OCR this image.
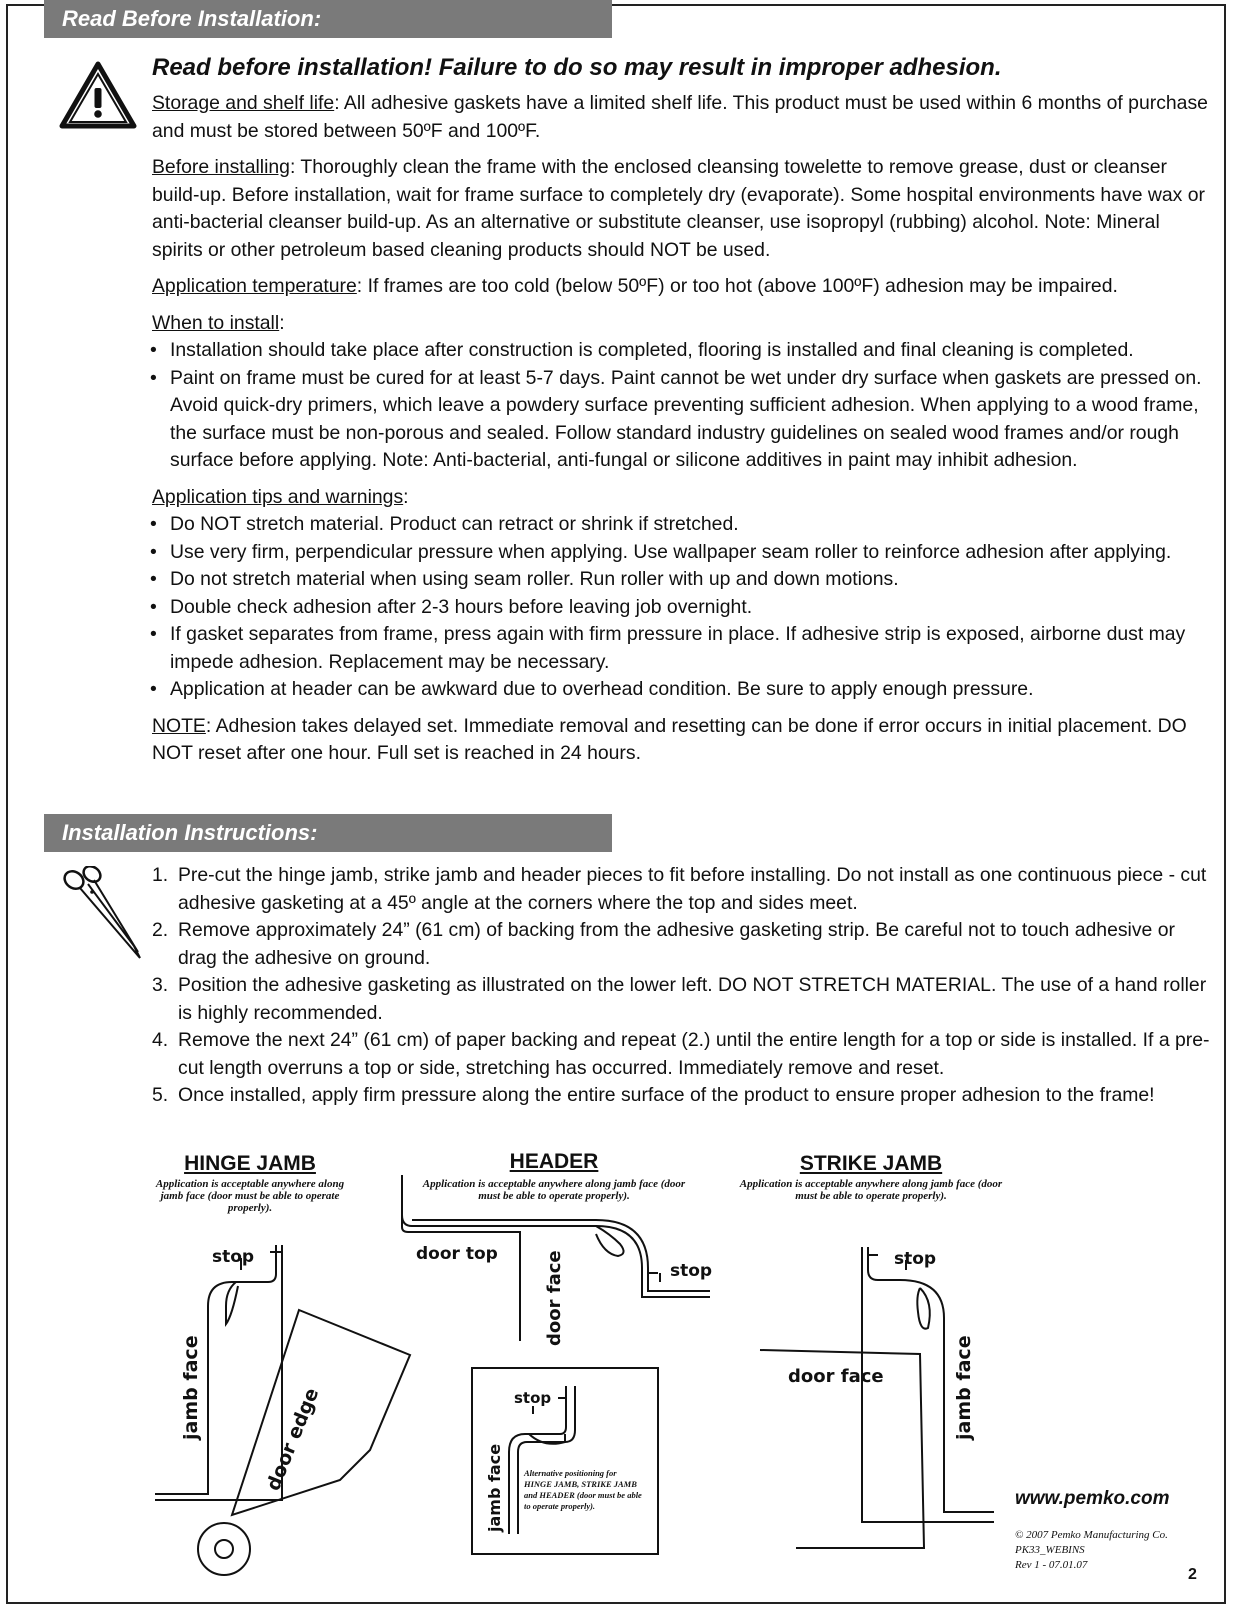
Read Before Installation:
Read before installation! Failure to do so may result in improper adhesion.

Storage and shelf life: All adhesive gaskets have a limited shelf life. This product must be used within 6 months of purchase and must be stored between 50ºF and 100ºF.

Before installing: Thoroughly clean the frame with the enclosed cleansing towelette to remove grease, dust or cleanser build-up. Before installation, wait for frame surface to completely dry (evaporate). Some hospital environments have wax or anti-bacterial cleanser build-up. As an alternative or substitute cleanser, use isopropyl (rubbing) alcohol. Note: Mineral spirits or other petroleum based cleaning products should NOT be used.

Application temperature: If frames are too cold (below 50ºF) or too hot (above 100ºF) adhesion may be impaired.

When to install:
• Installation should take place after construction is completed, flooring is installed and final cleaning is completed.
• Paint on frame must be cured for at least 5-7 days. Paint cannot be wet under dry surface when gaskets are pressed on. Avoid quick-dry primers, which leave a powdery surface preventing sufficient adhesion. When applying to a wood frame, the surface must be non-porous and sealed. Follow standard industry guidelines on sealed wood frames and/or rough surface before applying. Note: Anti-bacterial, anti-fungal or silicone additives in paint may inhibit adhesion.
Application tips and warnings:
• Do NOT stretch material. Product can retract or shrink if stretched.
• Use very firm, perpendicular pressure when applying. Use wallpaper seam roller to reinforce adhesion after applying.
• Do not stretch material when using seam roller. Run roller with up and down motions.
• Double check adhesion after 2-3 hours before leaving job overnight.
• If gasket separates from frame, press again with firm pressure in place. If adhesive strip is exposed, airborne dust may impede adhesion. Replacement may be necessary.
• Application at header can be awkward due to overhead condition. Be sure to apply enough pressure.

NOTE: Adhesion takes delayed set. Immediate removal and resetting can be done if error occurs in initial placement. DO NOT reset after one hour. Full set is reached in 24 hours.

Installation Instructions:
1. Pre-cut the hinge jamb, strike jamb and header pieces to fit before installing. Do not install as one continuous piece - cut adhesive gasketing at a 45º angle at the corners where the top and sides meet.
2. Remove approximately 24” (61 cm) of backing from the adhesive gasketing strip. Be careful not to touch adhesive or drag the adhesive on ground.
3. Position the adhesive gasketing as illustrated on the lower left. DO NOT STRETCH MATERIAL. The use of a hand roller is highly recommended.
4. Remove the next 24” (61 cm) of paper backing and repeat (2.) until the entire length for a top or side is installed. If a pre-cut length overruns a top or side, stretching has occurred. Immediately remove and reset.
5. Once installed, apply firm pressure along the entire surface of the product to ensure proper adhesion to the frame!
HINGE JAMB
Application is acceptable anywhere along jamb face (door must be able to operate properly).
HEADER
Application is acceptable anywhere along jamb face (door must be able to operate properly).
STRIKE JAMB
Application is acceptable anywhere along jamb face (door must be able to operate properly).
stop
jamb face	door edge
door top	door face	stop
stop
jamb face
stop
door face	jamb face
Alternative positioning for HINGE JAMB, STRIKE JAMB and HEADER (door must be able to operate properly).	www.pemko.com
© 2007 Pemko Manufacturing Co.
PK33_WEBINS
Rev 1 - 07.01.07
2
